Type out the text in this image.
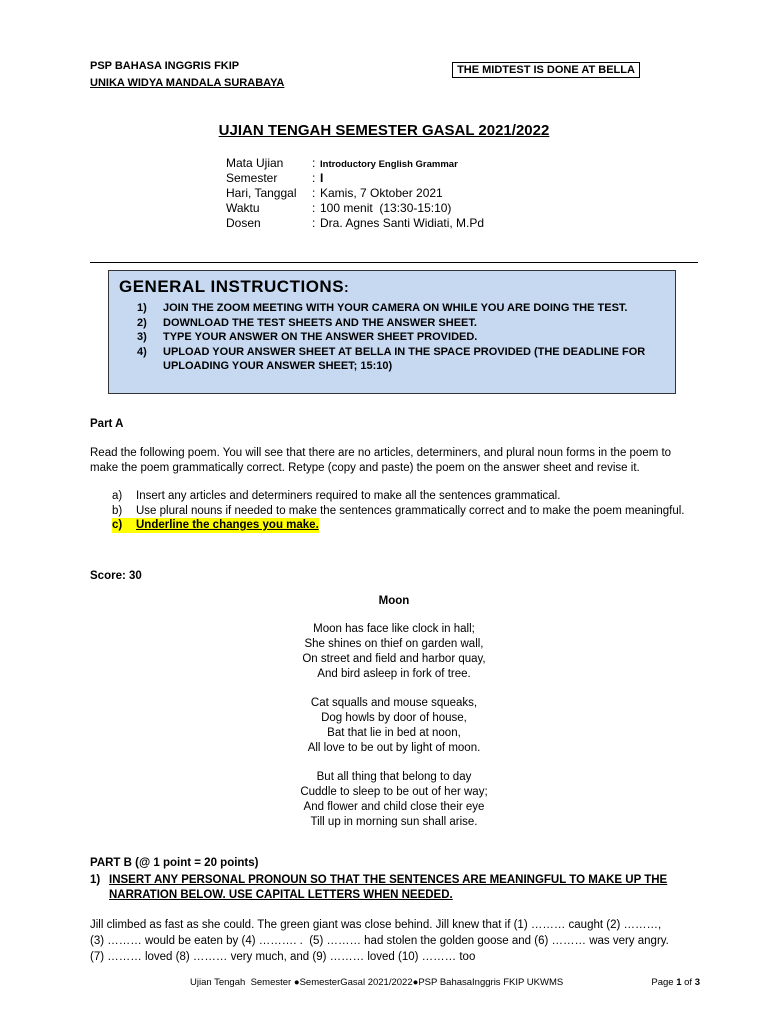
PSP BAHASA INGGRIS FKIP
UNIKA WIDYA MANDALA SURABAYA
THE MIDTEST IS DONE AT BELLA
UJIAN TENGAH SEMESTER GASAL 2021/2022
Mata Ujian : Introductory English Grammar
Semester	: I
Hari, Tanggal : Kamis, 7 Oktober 2021
Waktu	: 100 menit  (13:30-15:10)
Dosen	: Dra. Agnes Santi Widiati, M.Pd
GENERAL INSTRUCTIONS:
1)	JOIN THE ZOOM MEETING WITH YOUR CAMERA ON WHILE YOU ARE DOING THE TEST.
2)	DOWNLOAD THE TEST SHEETS AND THE ANSWER SHEET.
3)	TYPE YOUR ANSWER ON THE ANSWER SHEET PROVIDED.
4)	UPLOAD YOUR ANSWER SHEET AT BELLA IN THE SPACE PROVIDED (THE DEADLINE FOR UPLOADING YOUR ANSWER SHEET; 15:10)
Part A
Read the following poem. You will see that there are no articles, determiners, and plural noun forms in the poem to make the poem grammatically correct. Retype (copy and paste) the poem on the answer sheet and revise it.
a)	Insert any articles and determiners required to make all the sentences grammatical.
b)	Use plural nouns if needed to make the sentences grammatically correct and to make the poem meaningful.
c)	Underline the changes you make.
Score: 30
Moon
Moon has face like clock in hall;
She shines on thief on garden wall,
On street and field and harbor quay,
And bird asleep in fork of tree.
Cat squalls and mouse squeaks,
Dog howls by door of house,
Bat that lie in bed at noon,
All love to be out by light of moon.
But all thing that belong to day
Cuddle to sleep to be out of her way;
And flower and child close their eye
Till up in morning sun shall arise.
PART B (@ 1 point = 20 points)
1) INSERT ANY PERSONAL PRONOUN SO THAT THE SENTENCES ARE MEANINGFUL TO MAKE UP THE NARRATION BELOW. USE CAPITAL LETTERS WHEN NEEDED.
Jill climbed as fast as she could. The green giant was close behind. Jill knew that if (1) ……… caught (2) ………,
(3) ……… would be eaten by (4) ………. .  (5) ……… had stolen the golden goose and (6) ……… was very angry.
(7) ……… loved (8) ……… very much, and (9) ……… loved (10) ……… too
Ujian Tengah  Semester ●SemesterGasal 2021/2022●PSP BahasaInggris FKIP UKWMS	Page 1 of 3
